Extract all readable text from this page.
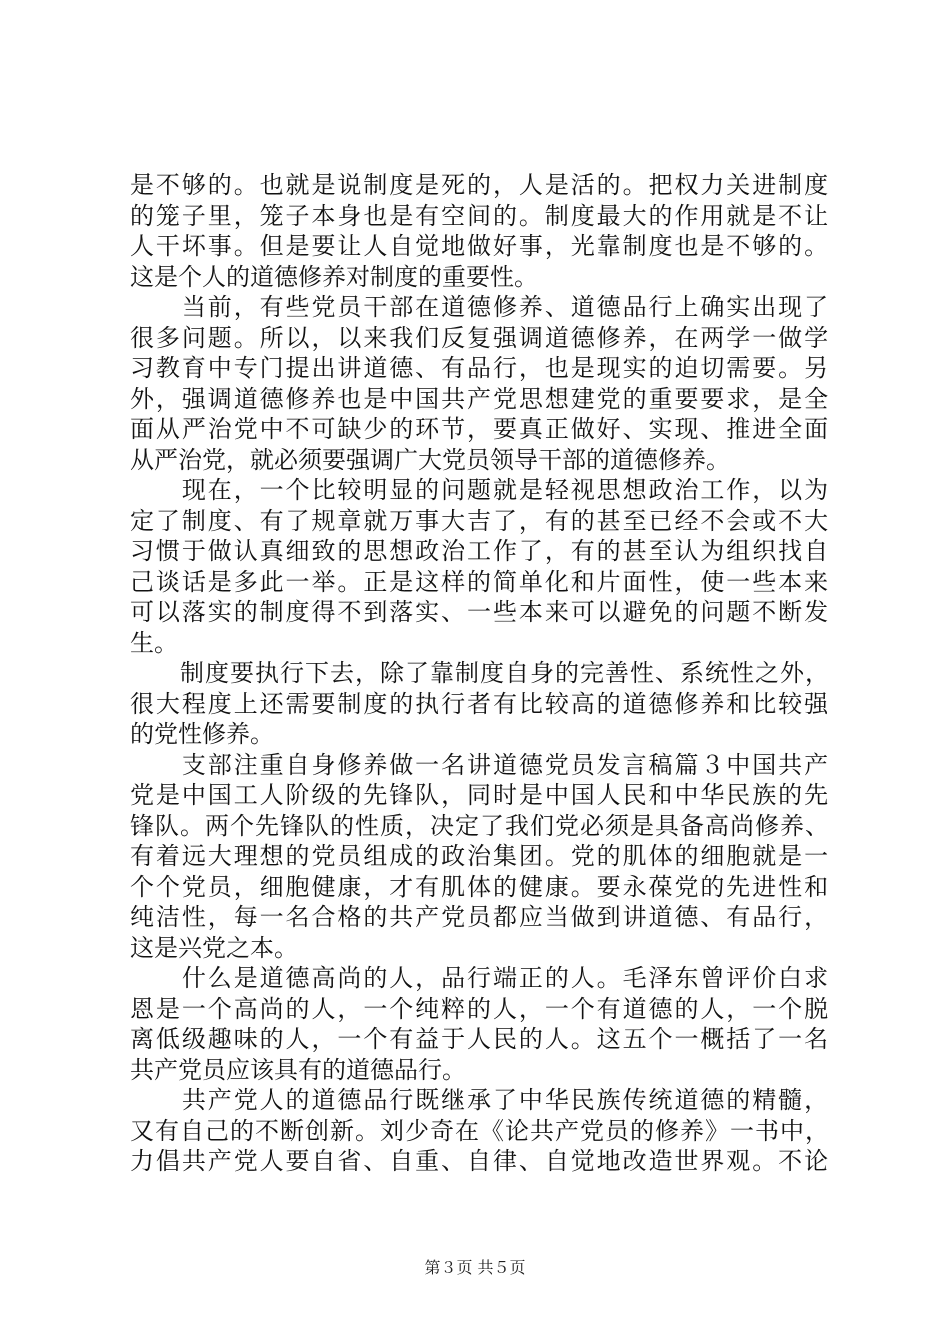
是不够的。也就是说制度是死的，人是活的。把权力关进制度
的笼子里，笼子本身也是有空间的。制度最大的作用就是不让
人干坏事。但是要让人自觉地做好事，光靠制度也是不够的。
这是个人的道德修养对制度的重要性。
　　当前，有些党员干部在道德修养、道德品行上确实出现了
很多问题。所以，以来我们反复强调道德修养，在两学一做学
习教育中专门提出讲道德、有品行，也是现实的迫切需要。另
外，强调道德修养也是中国共产党思想建党的重要要求，是全
面从严治党中不可缺少的环节，要真正做好、实现、推进全面
从严治党，就必须要强调广大党员领导干部的道德修养。
　　现在，一个比较明显的问题就是轻视思想政治工作，以为
定了制度、有了规章就万事大吉了，有的甚至已经不会或不大
习惯于做认真细致的思想政治工作了，有的甚至认为组织找自
己谈话是多此一举。正是这样的简单化和片面性，使一些本来
可以落实的制度得不到落实、一些本来可以避免的问题不断发
生。
　　制度要执行下去，除了靠制度自身的完善性、系统性之外，
很大程度上还需要制度的执行者有比较高的道德修养和比较强
的党性修养。
　　支部注重自身修养做一名讲道德党员发言稿篇３中国共产
党是中国工人阶级的先锋队，同时是中国人民和中华民族的先
锋队。两个先锋队的性质，决定了我们党必须是具备高尚修养、
有着远大理想的党员组成的政治集团。党的肌体的细胞就是一
个个党员，细胞健康，才有肌体的健康。要永葆党的先进性和
纯洁性，每一名合格的共产党员都应当做到讲道德、有品行，
这是兴党之本。
　　什么是道德高尚的人，品行端正的人。毛泽东曾评价白求
恩是一个高尚的人，一个纯粹的人，一个有道德的人，一个脱
离低级趣味的人，一个有益于人民的人。这五个一概括了一名
共产党员应该具有的道德品行。
　　共产党人的道德品行既继承了中华民族传统道德的精髓，
又有自己的不断创新。刘少奇在《论共产党员的修养》一书中，
力倡共产党人要自省、自重、自律、自觉地改造世界观。不论
第３页 共５页
